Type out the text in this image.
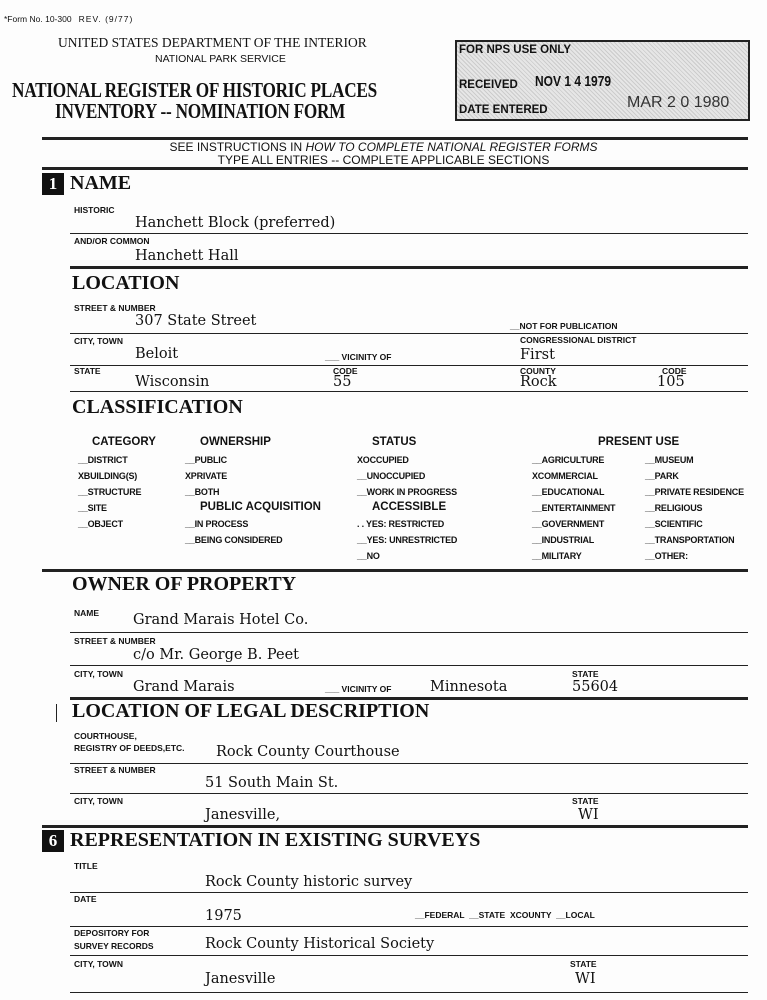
*Form No. 10-300 REV. (9/77)
UNITED STATES DEPARTMENT OF THE INTERIOR
NATIONAL PARK SERVICE
NATIONAL REGISTER OF HISTORIC PLACES
INVENTORY -- NOMINATION FORM
FOR NPS USE ONLY
RECEIVED NOV 1 4 1979
MAR 2 0 1980
DATE ENTERED
SEE INSTRUCTIONS IN HOW TO COMPLETE NATIONAL REGISTER FORMS
TYPE ALL ENTRIES -- COMPLETE APPLICABLE SECTIONS
1 NAME
HISTORIC
Hanchett Block (preferred)
AND/OR COMMON
Hanchett Hall
LOCATION
STREET & NUMBER
307 State Street	__NOT FOR PUBLICATION
CITY, TOWN	CONGRESSIONAL DISTRICT
Beloit	___ VICINITY OF	First
STATE	CODE	COUNTY	CODE
Wisconsin	55	Rock	105
CLASSIFICATION
CATEGORY
__DISTRICT
XBUILDING(S)
__STRUCTURE
__SITE
__OBJECT
OWNERSHIP
__PUBLIC
XPRIVATE
__BOTH
PUBLIC ACQUISITION
__IN PROCESS
__BEING CONSIDERED
STATUS
XOCCUPIED
__UNOCCUPIED
__WORK IN PROGRESS
ACCESSIBLE
. . YES: RESTRICTED
__YES: UNRESTRICTED
__NO
PRESENT USE
__AGRICULTURE
XCOMMERCIAL
__EDUCATIONAL
__ENTERTAINMENT
__GOVERNMENT
__INDUSTRIAL
__MILITARY
__MUSEUM
__PARK
__PRIVATE RESIDENCE
__RELIGIOUS
__SCIENTIFIC
__TRANSPORTATION
__OTHER:
OWNER OF PROPERTY
NAME Grand Marais Hotel Co.
STREET & NUMBER
c/o Mr. George B. Peet
CITY, TOWN	STATE
Grand Marais	___ VICINITY OF	Minnesota	55604
LOCATION OF LEGAL DESCRIPTION
COURTHOUSE,
REGISTRY OF DEEDS,ETC. Rock County Courthouse
STREET & NUMBER
51 South Main St.
CITY, TOWN	STATE
Janesville,	WI
6 REPRESENTATION IN EXISTING SURVEYS
TITLE
Rock County historic survey
DATE
1975	__FEDERAL  __STATE  XCOUNTY  __LOCAL
DEPOSITORY FOR
SURVEY RECORDS	Rock County Historical Society
CITY, TOWN	STATE
Janesville	WI
